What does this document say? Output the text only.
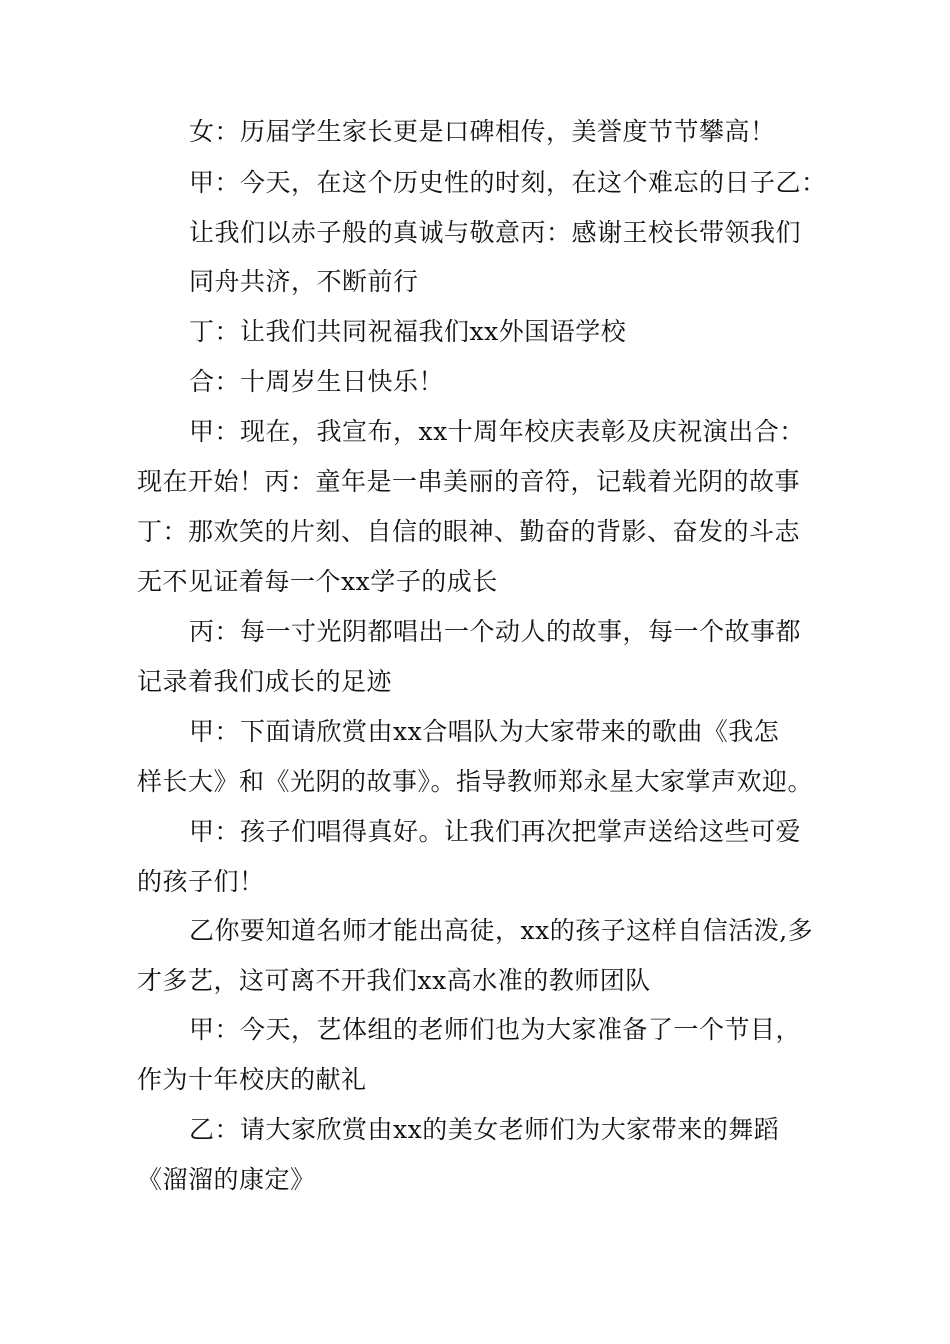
女：历届学生家长更是口碑相传，美誉度节节攀高！
甲：今天，在这个历史性的时刻，在这个难忘的日子乙：
让我们以赤子般的真诚与敬意丙：感谢王校长带领我们
同舟共济，不断前行
丁：让我们共同祝福我们xx外国语学校
合：十周岁生日快乐！
甲：现在，我宣布，xx十周年校庆表彰及庆祝演出合：
现在开始！丙：童年是一串美丽的音符，记载着光阴的故事
丁：那欢笑的片刻、自信的眼神、勤奋的背影、奋发的斗志
无不见证着每一个xx学子的成长
丙：每一寸光阴都唱出一个动人的故事，每一个故事都
记录着我们成长的足迹
甲：下面请欣赏由xx合唱队为大家带来的歌曲《我怎
样长大》和《光阴的故事》。指导教师郑永星大家掌声欢迎。
甲：孩子们唱得真好。让我们再次把掌声送给这些可爱
的孩子们！
乙你要知道名师才能出高徒，xx的孩子这样自信活泼,多
才多艺，这可离不开我们xx高水准的教师团队
甲：今天，艺体组的老师们也为大家准备了一个节目，
作为十年校庆的献礼
乙：请大家欣赏由xx的美女老师们为大家带来的舞蹈
《溜溜的康定》
